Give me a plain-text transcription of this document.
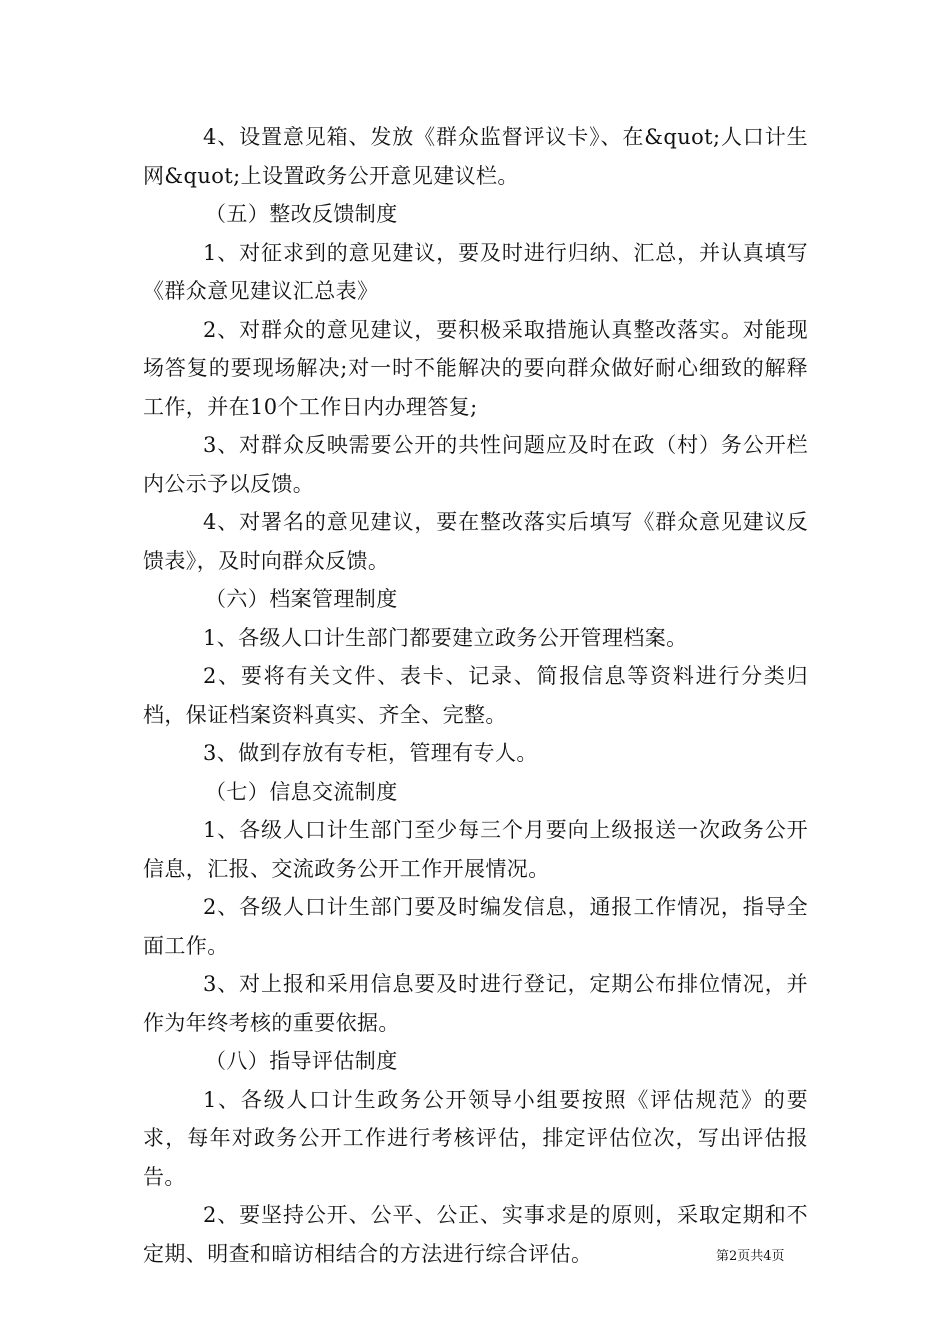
4、设置意见箱、发放《群众监督评议卡》、在&quot;人口计生网&quot;上设置政务公开意见建议栏。

（五）整改反馈制度

1、对征求到的意见建议，要及时进行归纳、汇总，并认真填写《群众意见建议汇总表》

2、对群众的意见建议，要积极采取措施认真整改落实。对能现场答复的要现场解决;对一时不能解决的要向群众做好耐心细致的解释工作，并在10个工作日内办理答复;

3、对群众反映需要公开的共性问题应及时在政（村）务公开栏内公示予以反馈。

4、对署名的意见建议，要在整改落实后填写《群众意见建议反馈表》，及时向群众反馈。

（六）档案管理制度

1、各级人口计生部门都要建立政务公开管理档案。

2、要将有关文件、表卡、记录、简报信息等资料进行分类归档，保证档案资料真实、齐全、完整。

3、做到存放有专柜，管理有专人。

（七）信息交流制度

1、各级人口计生部门至少每三个月要向上级报送一次政务公开信息，汇报、交流政务公开工作开展情况。

2、各级人口计生部门要及时编发信息，通报工作情况，指导全面工作。

3、对上报和采用信息要及时进行登记，定期公布排位情况，并作为年终考核的重要依据。

（八）指导评估制度

1、各级人口计生政务公开领导小组要按照《评估规范》的要求，每年对政务公开工作进行考核评估，排定评估位次，写出评估报告。

2、要坚持公开、公平、公正、实事求是的原则，采取定期和不定期、明查和暗访相结合的方法进行综合评估。	第2页共4页
